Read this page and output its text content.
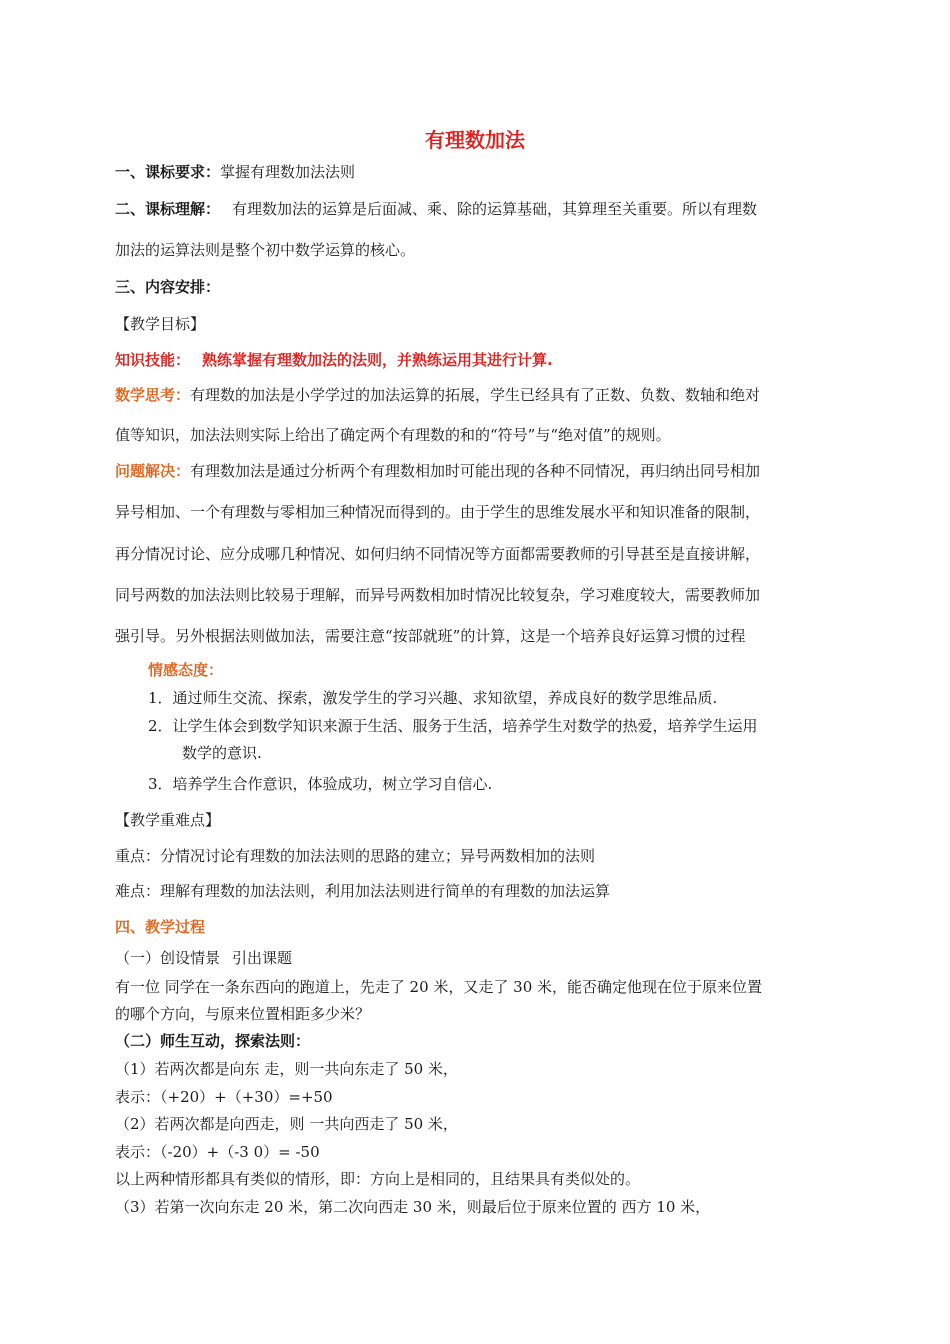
有理数加法
一、课标要求：掌握有理数加法法则
二、课标理解： 有理数加法的运算是后面减、乘、除的运算基础，其算理至关重要。所以有理数
加法的运算法则是整个初中数学运算的核心。
三、内容安排：
【教学目标】
知识技能： 熟练掌握有理数加法的法则，并熟练运用其进行计算.
数学思考：有理数的加法是小学学过的加法运算的拓展，学生已经具有了正数、负数、数轴和绝对
值等知识，加法法则实际上给出了确定两个有理数的和的“符号”与“绝对值”的规则。
问题解决：有理数加法是通过分析两个有理数相加时可能出现的各种不同情况，再归纳出同号相加
异号相加、一个有理数与零相加三种情况而得到的。由于学生的思维发展水平和知识准备的限制，
再分情况讨论、应分成哪几种情况、如何归纳不同情况等方面都需要教师的引导甚至是直接讲解，
同号两数的加法法则比较易于理解，而异号两数相加时情况比较复杂，学习难度较大，需要教师加
强引导。另外根据法则做加法，需要注意“按部就班”的计算，这是一个培养良好运算习惯的过程
情感态度：
1．通过师生交流、探索，激发学生的学习兴趣、求知欲望，养成良好的数学思维品质.
2．让学生体会到数学知识来源于生活、服务于生活，培养学生对数学的热爱，培养学生运用
数学的意识.
3．培养学生合作意识，体验成功，树立学习自信心.
【教学重难点】
重点：分情况讨论有理数的加法法则的思路的建立；异号两数相加的法则
难点：理解有理数的加法法则，利用加法法则进行简单的有理数的加法运算
四、教学过程
（一）创设情景 引出课题
有一位 同学在一条东西向的跑道上，先走了 20 米，又走了 30 米，能否确定他现在位于原来位置
的哪个方向，与原来位置相距多少米？
（二）师生互动，探索法则：
（1）若两次都是向东 走，则一共向东走了 50 米，
表示：（+20）+（+30）=+50
（2）若两次都是向西走，则 一共向西走了 50 米，
表示：（-20）+（-3 0）= -50
以上两种情形都具有类似的情形，即：方向上是相同的，且结果具有类似处的。
（3）若第一次向东走 20 米，第二次向西走 30 米，则最后位于原来位置的 西方 10 米，
